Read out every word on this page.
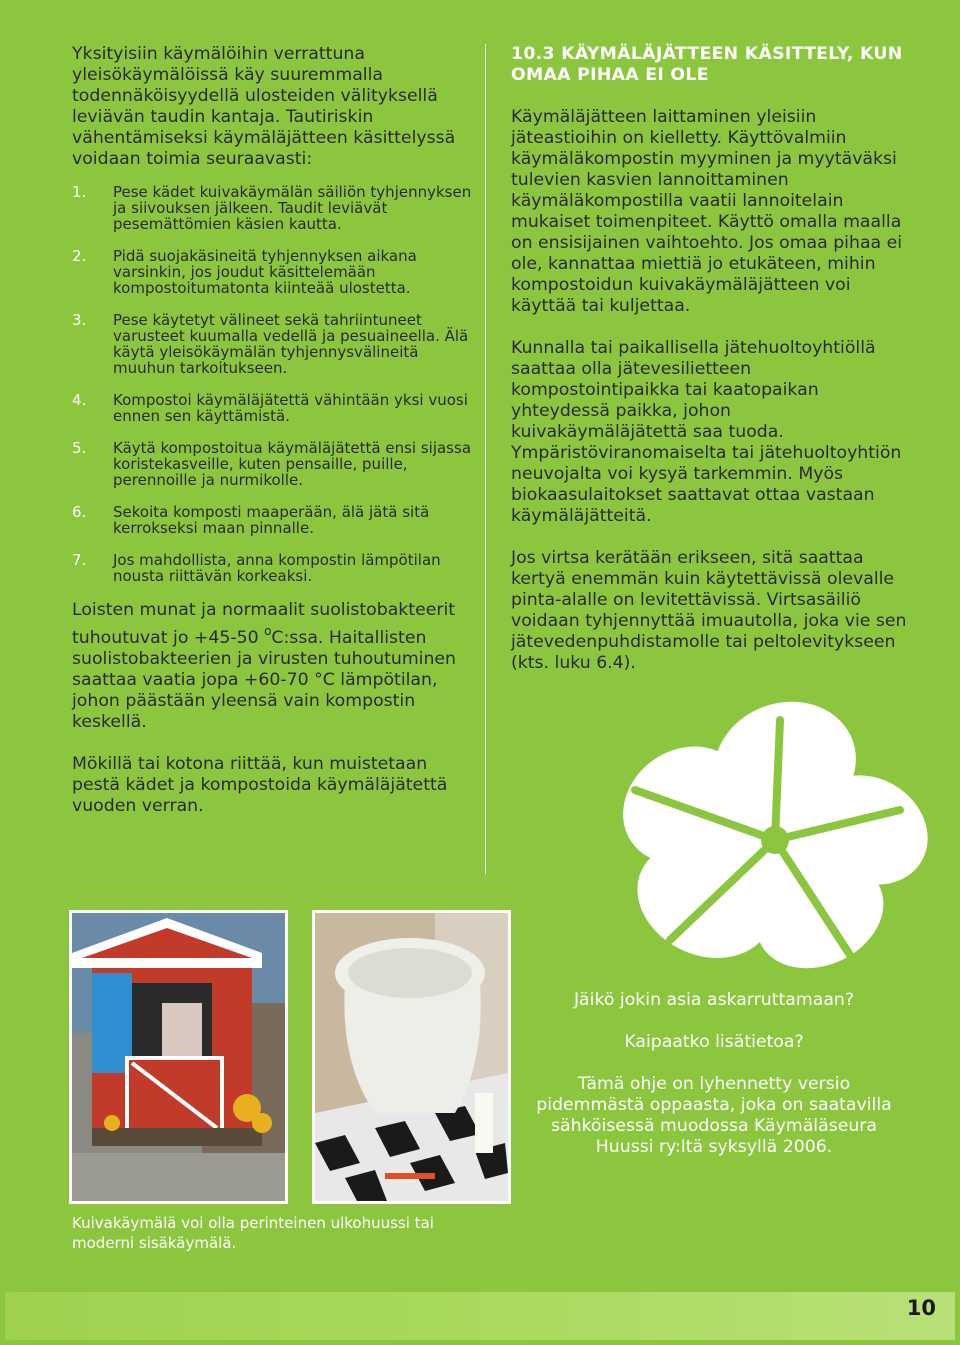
Yksityisiin käymälöihin verrattuna yleisökäymälöissä käy suuremmalla todennäköisyydellä ulosteiden välityksellä leviävän taudin kantaja. Tautiriskin vähentämiseksi käymäläjätteen käsittelyssä voidaan toimia seuraavasti:

1.	Pese kädet kuivakäymälän säiliön tyhjennyksen ja siivouksen jälkeen. Taudit leviävät pesemättömien käsien kautta.
2.	Pidä suojakäsineitä tyhjennyksen aikana varsinkin, jos joudut käsittelemään kompostoitumatonta kiinteää ulostetta.
3.	Pese käytetyt välineet sekä tahriintuneet varusteet kuumalla vedellä ja pesuaineella. Älä käytä yleisökäymälän tyhjennysvälineitä muuhun tarkoitukseen.
4.	Kompostoi käymäläjätettä vähintään yksi vuosi ennen sen käyttämistä.
5.	Käytä kompostoitua käymäläjätettä ensi sijassa koristekasveille, kuten pensaille, puille, perennoille ja nurmikolle.
6.	Sekoita komposti maaperään, älä jätä sitä kerrokseksi maan pinnalle.
7.	Jos mahdollista, anna kompostin lämpötilan nousta riittävän korkeaksi.

Loisten munat ja normaalit suolistobakteerit tuhoutuvat jo +45-50 $^o$C:ssa. Haitallisten suolistobakteerien ja virusten tuhoutuminen saattaa vaatia jopa +60-70 °C lämpötilan, johon päästään yleensä vain kompostin keskellä.

Mökillä tai kotona riittää, kun muistetaan pestä kädet ja kompostoida käymäläjätettä vuoden verran.

10.3 KÄYMÄLÄJÄTTEEN KÄSITTELY, KUN OMAA PIHAA EI OLE

Käymäläjätteen laittaminen yleisiin jäteastioihin on kielletty. Käyttövalmiin käymäläkompostin myyminen ja myytäväksi tulevien kasvien lannoittaminen käymäläkompostilla vaatii lannoitelain mukaiset toimenpiteet. Käyttö omalla maalla on ensisijainen vaihtoehto. Jos omaa pihaa ei ole, kannattaa miettiä jo etukäteen, mihin kompostoidun kuivakäymäläjätteen voi käyttää tai kuljettaa.

Kunnalla tai paikallisella jätehuoltoyhtiöllä saattaa olla jätevesilietteen kompostointipaikka tai kaatopaikan yhteydessä paikka, johon kuivakäymäläjätettä saa tuoda. Ympäristöviranomaiselta tai jätehuoltoyhtiön neuvojalta voi kysyä tarkemmin. Myös biokaasulaitokset saattavat ottaa vastaan käymäläjätteitä.

Jos virtsa kerätään erikseen, sitä saattaa kertyä enemmän kuin käytettävissä olevalle pinta-alalle on levitettävissä. Virtsasäiliö voidaan tyhjennyttää imuautolla, joka vie sen jätevedenpuhdistamolle tai peltolevitykseen (kts. luku 6.4).

Kuivakäymälä voi olla perinteinen ulkohuussi tai moderni sisäkäymälä.

Jäikö jokin asia askarruttamaan?

Kaipaatko lisätietoa?

Tämä ohje on lyhennetty versio pidemmästä oppaasta, joka on saatavilla sähköisessä muodossa Käymäläseura Huussi ry:ltä syksyllä 2006.

10
